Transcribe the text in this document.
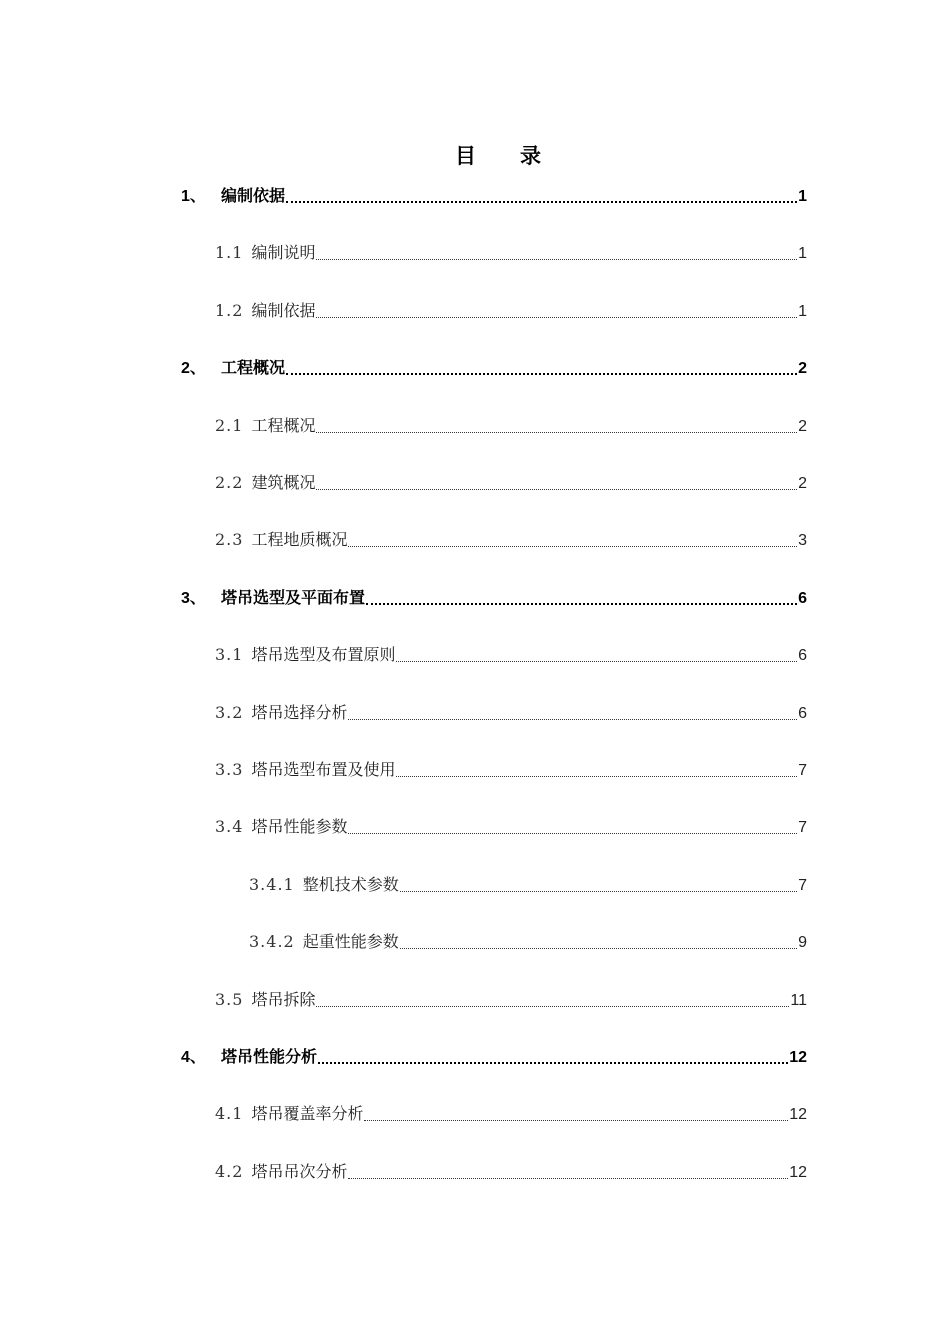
目 录
1、 编制依据	1
1.1 编制说明	1
1.2 编制依据	1
2、 工程概况	2
2.1 工程概况	2
2.2 建筑概况	2
2.3 工程地质概况	3
3、 塔吊选型及平面布置	6
3.1 塔吊选型及布置原则	6
3.2 塔吊选择分析	6
3.3 塔吊选型布置及使用	7
3.4 塔吊性能参数	7
3.4.1 整机技术参数	7
3.4.2 起重性能参数	9
3.5 塔吊拆除	11
4、 塔吊性能分析	12
4.1 塔吊覆盖率分析	12
4.2 塔吊吊次分析	12
